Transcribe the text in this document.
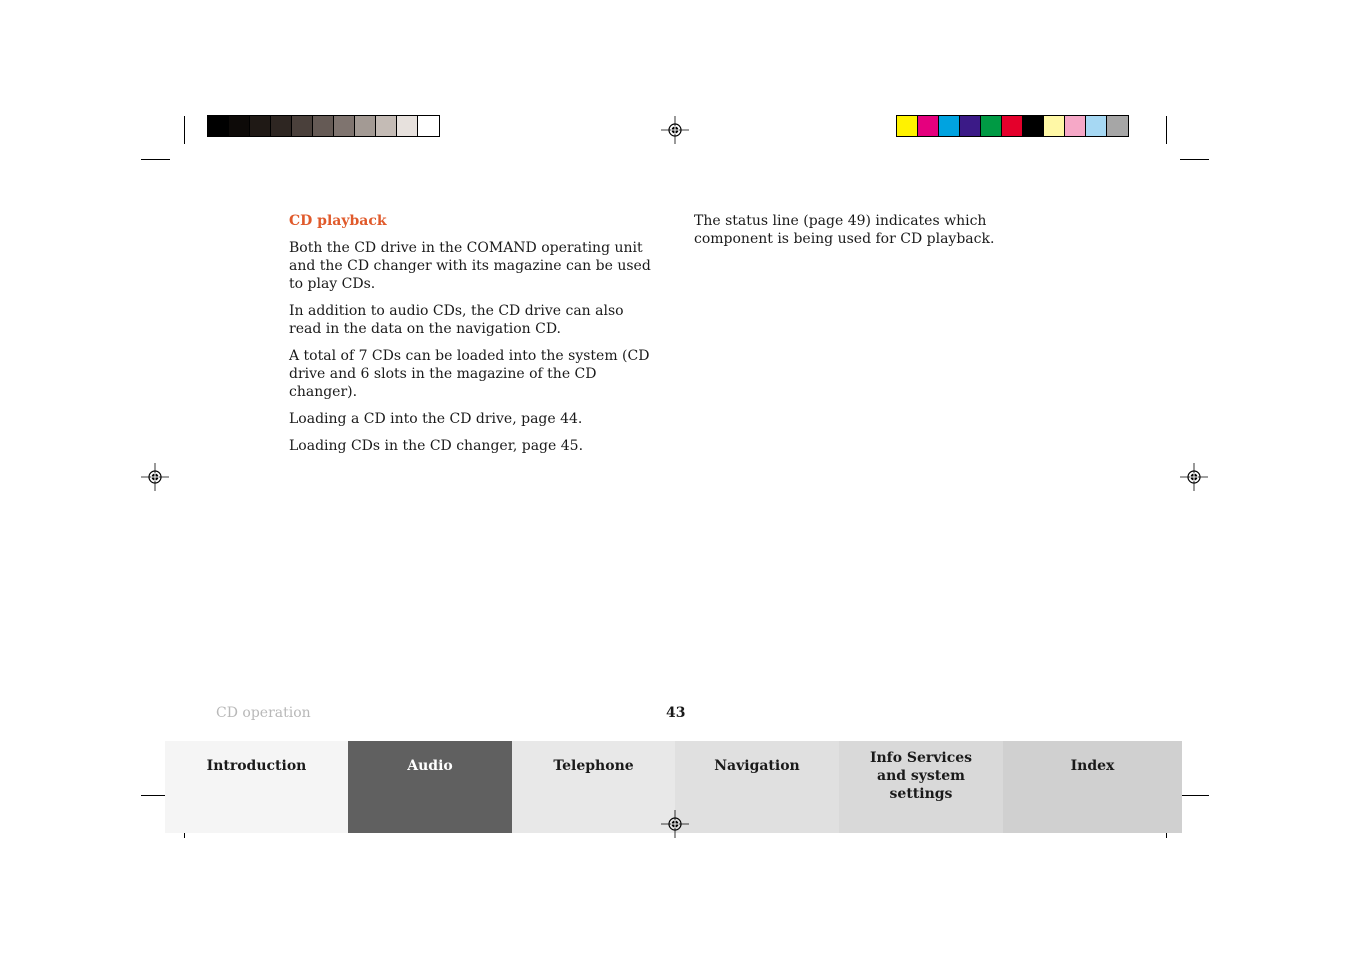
CD playback

Both the CD drive in the COMAND operating unit and the CD changer with its magazine can be used to play CDs.

In addition to audio CDs, the CD drive can also read in the data on the navigation CD.

A total of 7 CDs can be loaded into the system (CD drive and 6 slots in the magazine of the CD changer).

Loading a CD into the CD drive, page 44.

Loading CDs in the CD changer, page 45.

The status line (page 49) indicates which component is being used for CD playback.

CD operation	43
Introduction	Audio	Telephone	Navigation	Info Services and system settings
Index
